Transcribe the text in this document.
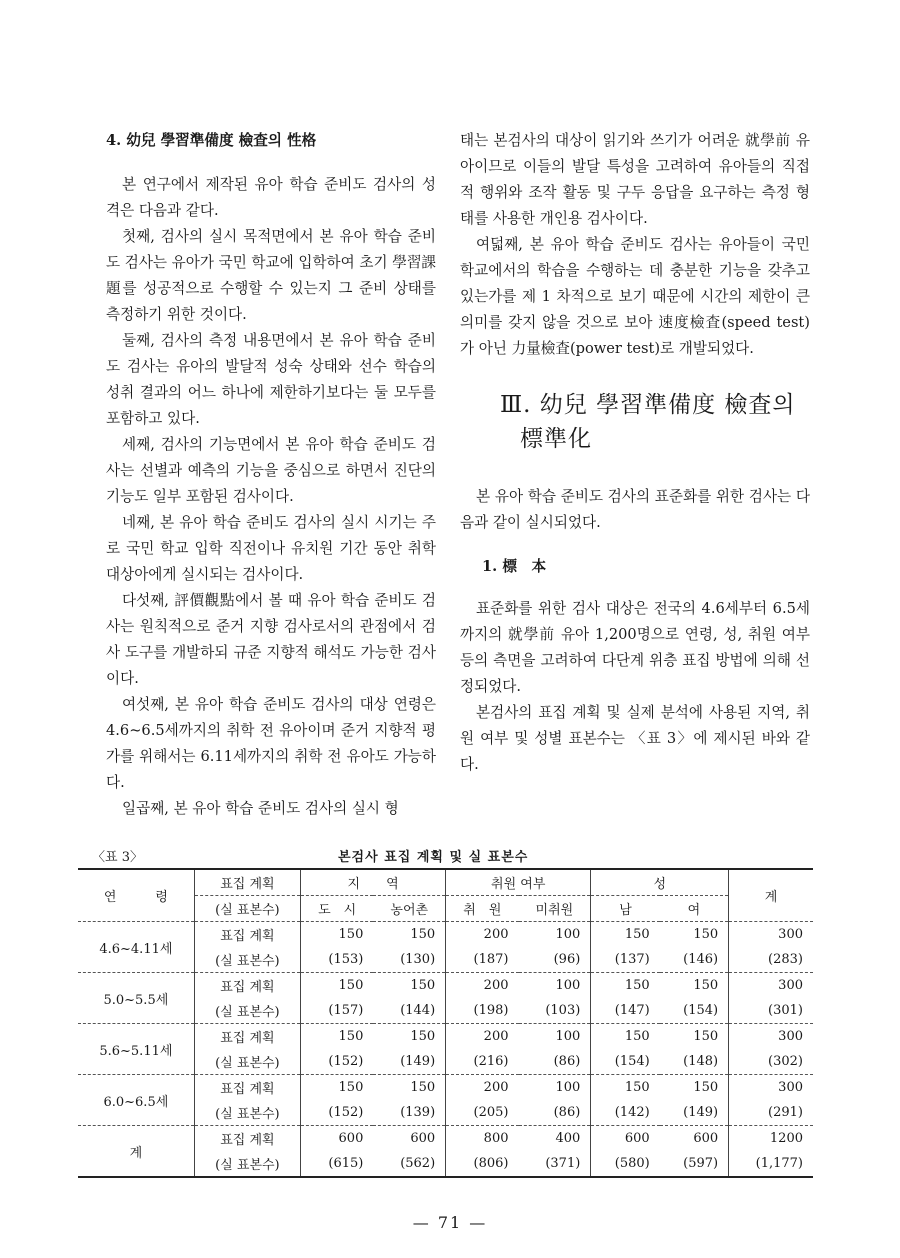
4. 幼兒 學習準備度 檢査의 性格

본 연구에서 제작된 유아 학습 준비도 검사의 성격은 다음과 같다.

첫째, 검사의 실시 목적면에서 본 유아 학습 준비도 검사는 유아가 국민 학교에 입학하여 초기 學習課題를 성공적으로 수행할 수 있는지 그 준비 상태를 측정하기 위한 것이다.

둘째, 검사의 측정 내용면에서 본 유아 학습 준비도 검사는 유아의 발달적 성숙 상태와 선수 학습의 성취 결과의 어느 하나에 제한하기보다는 둘 모두를 포함하고 있다.

세째, 검사의 기능면에서 본 유아 학습 준비도 검사는 선별과 예측의 기능을 중심으로 하면서 진단의 기능도 일부 포함된 검사이다.

네째, 본 유아 학습 준비도 검사의 실시 시기는 주로 국민 학교 입학 직전이나 유치원 기간 동안 취학 대상아에게 실시되는 검사이다.

다섯째, 評價觀點에서 볼 때 유아 학습 준비도 검사는 원칙적으로 준거 지향 검사로서의 관점에서 검사 도구를 개발하되 규준 지향적 해석도 가능한 검사이다.

여섯째, 본 유아 학습 준비도 검사의 대상 연령은 4.6~6.5세까지의 취학 전 유아이며 준거 지향적 평가를 위해서는 6.11세까지의 취학 전 유아도 가능하다.

일곱째, 본 유아 학습 준비도 검사의 실시 형

태는 본검사의 대상이 읽기와 쓰기가 어려운 就學前 유아이므로 이들의 발달 특성을 고려하여 유아들의 직접적 행위와 조작 활동 및 구두 응답을 요구하는 측정 형태를 사용한 개인용 검사이다.

여덟째, 본 유아 학습 준비도 검사는 유아들이 국민 학교에서의 학습을 수행하는 데 충분한 기능을 갖추고 있는가를 제 1 차적으로 보기 때문에 시간의 제한이 큰 의미를 갖지 않을 것으로 보아 速度檢査(speed test)가 아닌 力量檢査(power test)로 개발되었다.

Ⅲ. 幼兒 學習準備度 檢査의
標準化

본 유아 학습 준비도 검사의 표준화를 위한 검사는 다음과 같이 실시되었다.

1. 標　本

표준화를 위한 검사 대상은 전국의 4.6세부터 6.5세까지의 就學前 유아 1,200명으로 연령, 성, 취원 여부 등의 측면을 고려하여 다단계 위층 표집 방법에 의해 선정되었다.

본검사의 표집 계획 및 실제 분석에 사용된 지역, 취원 여부 및 성별 표본수는 〈표 3〉에 제시된 바와 같다.

〈표 3〉	본검사 표집 계획 및 실 표본수
연　　　령	표집 계획	지　　역		취원 여부		성		계
	(실 표본수)	도　시	농어촌	취　원	미취원	남	여	
4.6~4.11세	표집 계획	150	150	200	100	150	150	300
	(실 표본수)	(153)	(130)	(187)	(96)	(137)	(146)	(283)
5.0~5.5세	표집 계획	150	150	200	100	150	150	300
	(실 표본수)	(157)	(144)	(198)	(103)	(147)	(154)	(301)
5.6~5.11세	표집 계획	150	150	200	100	150	150	300
	(실 표본수)	(152)	(149)	(216)	(86)	(154)	(148)	(302)
6.0~6.5세	표집 계획	150	150	200	100	150	150	300
	(실 표본수)	(152)	(139)	(205)	(86)	(142)	(149)	(291)
계	표집 계획	600	600	800	400	600	600	1200
	(실 표본수)	(615)	(562)	(806)	(371)	(580)	(597)	(1,177)
— 71 —
